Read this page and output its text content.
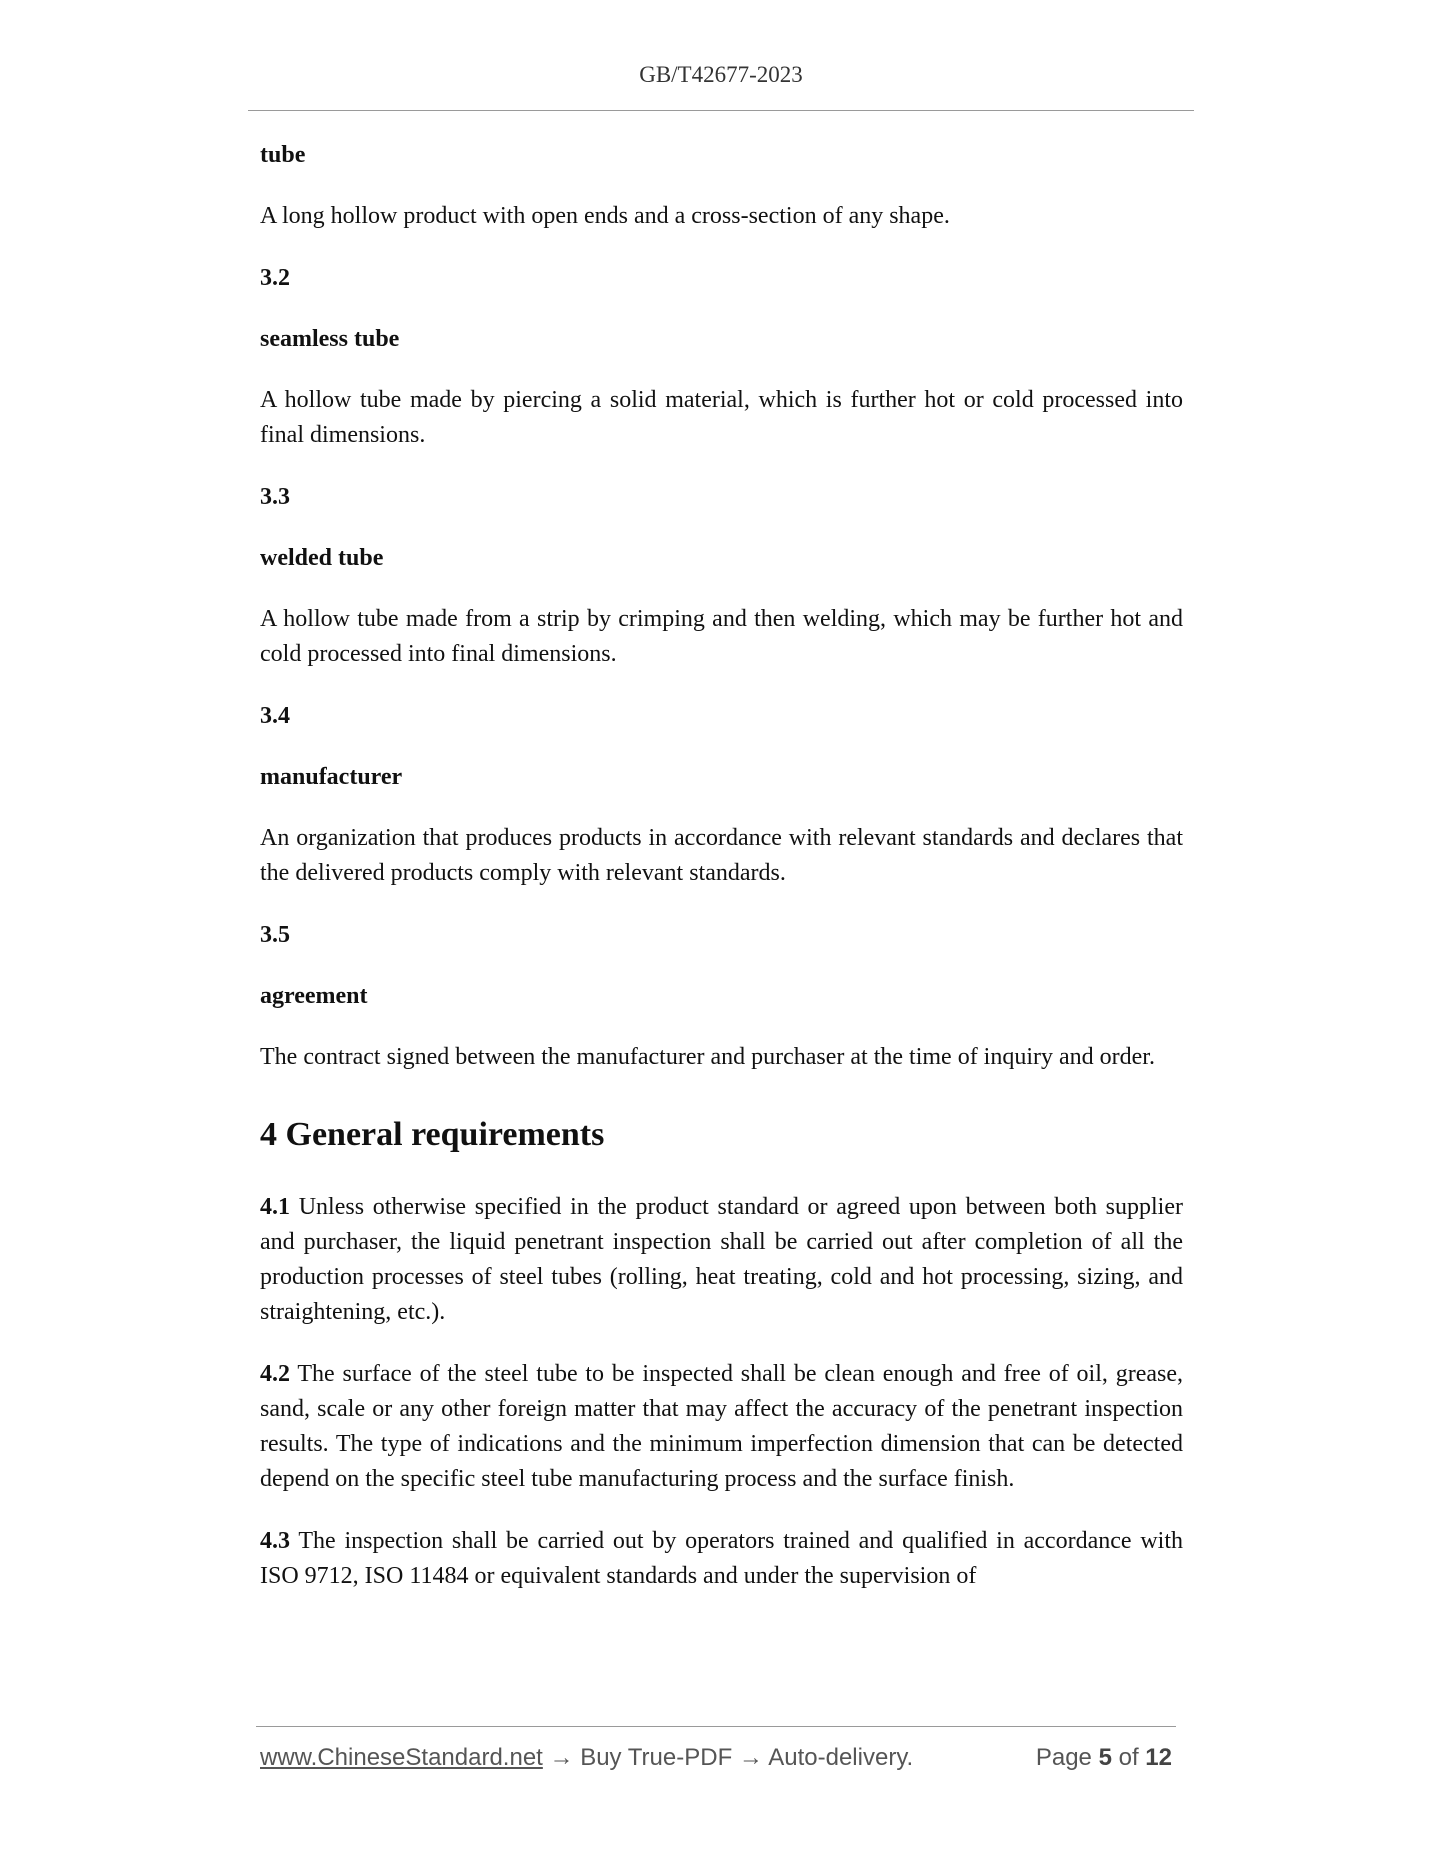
GB/T42677-2023

tube

A long hollow product with open ends and a cross-section of any shape.

3.2

seamless tube

A hollow tube made by piercing a solid material, which is further hot or cold processed into final dimensions.

3.3

welded tube

A hollow tube made from a strip by crimping and then welding, which may be further hot and cold processed into final dimensions.

3.4

manufacturer

An organization that produces products in accordance with relevant standards and declares that the delivered products comply with relevant standards.

3.5

agreement

The contract signed between the manufacturer and purchaser at the time of inquiry and order.

4 General requirements

4.1 Unless otherwise specified in the product standard or agreed upon between both supplier and purchaser, the liquid penetrant inspection shall be carried out after completion of all the production processes of steel tubes (rolling, heat treating, cold and hot processing, sizing, and straightening, etc.).

4.2 The surface of the steel tube to be inspected shall be clean enough and free of oil, grease, sand, scale or any other foreign matter that may affect the accuracy of the penetrant inspection results. The type of indications and the minimum imperfection dimension that can be detected depend on the specific steel tube manufacturing process and the surface finish.

4.3 The inspection shall be carried out by operators trained and qualified in accordance with ISO 9712, ISO 11484 or equivalent standards and under the supervision of

www.ChineseStandard.net → Buy True-PDF → Auto-delivery.	Page 5 of 12
